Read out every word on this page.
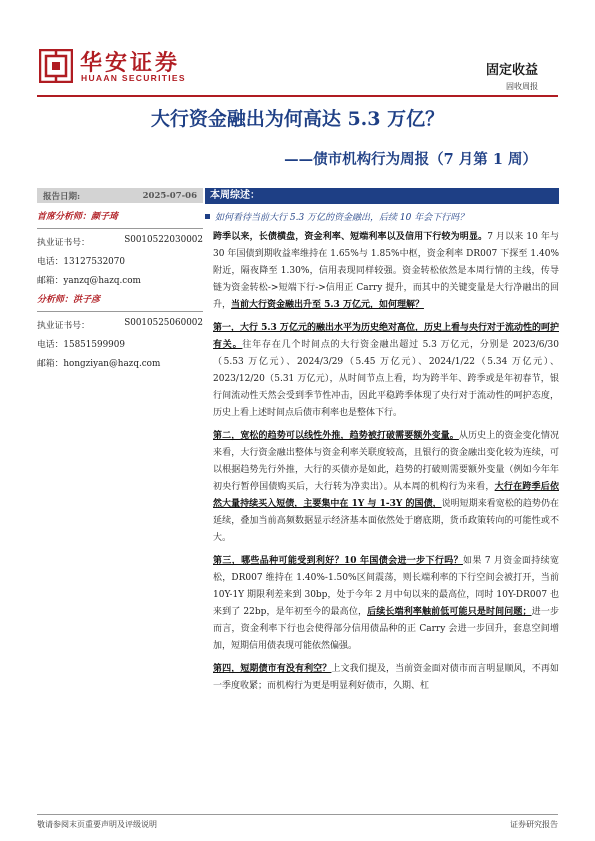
华安证券
HUAAN SECURITIES	固定收益
固收周报
大行资金融出为何高达 5.3 万亿？
——债市机构行为周报（7 月第 1 周）
报告日期:	2025-07-06
首席分析师：颜子琦
执业证书号：	S0010522030002
电话：13127532070
邮箱：yanzq@hazq.com
分析师：洪子彦
执业证书号：	S0010525060002
电话：15851599909
邮箱：hongziyan@hazq.com
本周综述：
如何看待当前大行 5.3 万亿的资金融出，后续 10 年会下行吗？
跨季以来，长债横盘，资金利率、短端利率以及信用下行较为明显。7 月以来 10 年与 30 年国债到期收益率维持在 1.65%与 1.85%中枢，资金利率 DR007 下探至 1.40%附近，隔夜降至 1.30%，信用表现同样较强。资金转松依然是本周行情的主线，传导链为资金转松->短端下行->信用正 Carry 提升，而其中的关键变量是大行净融出的回升，当前大行资金融出升至 5.3 万亿元，如何理解？
第一，大行 5.3 万亿元的融出水平为历史绝对高位，历史上看与央行对于流动性的呵护有关。往年存在几个时间点的大行资金融出超过 5.3 万亿元，分别是 2023/6/30（5.53 万亿元）、2024/3/29（5.45 万亿元）、2024/1/22（5.34 万亿元）、2023/12/20（5.31 万亿元），从时间节点上看，均为跨半年、跨季或是年初春节，银行间流动性天然会受到季节性冲击，因此平稳跨季体现了央行对于流动性的呵护态度，历史上看上述时间点后债市利率也是整体下行。
第二，宽松的趋势可以线性外推，趋势被打破需要额外变量。从历史上的资金变化情况来看，大行资金融出整体与资金利率关联度较高，且银行的资金融出变化较为连续，可以根据趋势先行外推，大行的买债亦是如此，趋势的打破则需要额外变量（例如今年年初央行暂停国债购买后，大行转为净卖出）。从本周的机构行为来看，大行在跨季后依然大量持续买入短债，主要集中在 1Y 与 1-3Y 的国债，说明短期来看宽松的趋势仍在延续，叠加当前高频数据显示经济基本面依然处于磨底期，货币政策转向的可能性或不大。
第三，哪些品种可能受到利好？10 年国债会进一步下行吗？如果 7 月资金面持续宽松，DR007 维持在 1.40%-1.50%区间震荡，则长端利率的下行空间会被打开，当前 10Y-1Y 期限利差来到 30bp，处于今年 2 月中旬以来的最高位，同时 10Y-DR007 也来到了 22bp，是年初至今的最高位，后续长端利率触前低可能只是时间问题；进一步而言，资金利率下行也会使得部分信用债品种的正 Carry 会进一步回升，套息空间增加，短期信用债表现可能依然偏强。
第四，短期债市有没有利空？上文我们提及，当前资金面对债市而言明显顺风，不再如一季度收紧；而机构行为更是明显利好债市，久期、杠
敬请参阅末页重要声明及评级说明	证券研究报告
